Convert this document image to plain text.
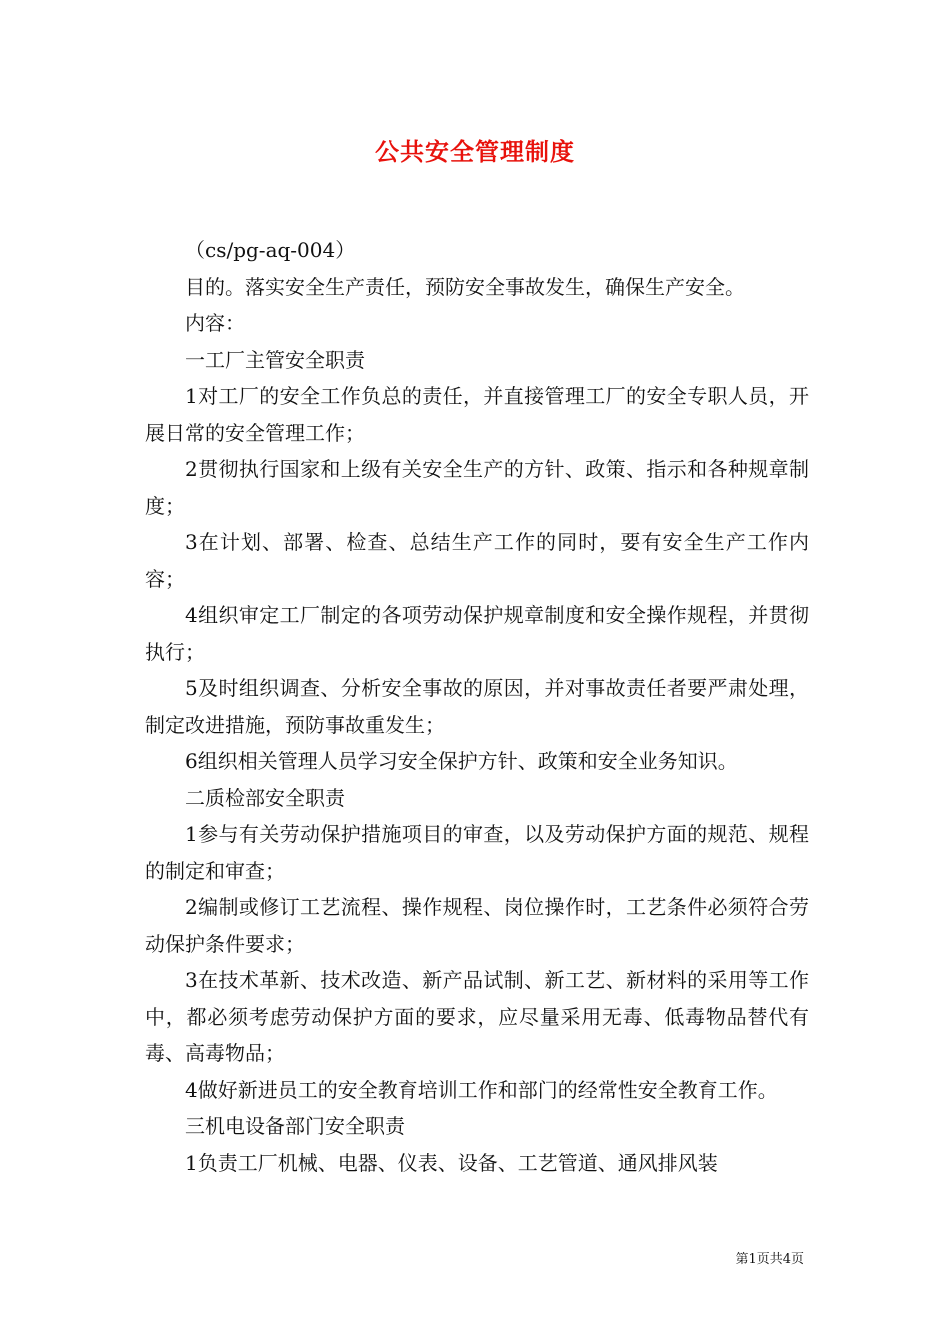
公共安全管理制度

（cs/pg-aq-004）

目的。落实安全生产责任，预防安全事故发生，确保生产安全。

内容：

一工厂主管安全职责

1对工厂的安全工作负总的责任，并直接管理工厂的安全专职人员，开展日常的安全管理工作；

2贯彻执行国家和上级有关安全生产的方针、政策、指示和各种规章制度；

3在计划、部署、检查、总结生产工作的同时，要有安全生产工作内容；

4组织审定工厂制定的各项劳动保护规章制度和安全操作规程，并贯彻执行；

5及时组织调查、分析安全事故的原因，并对事故责任者要严肃处理，制定改进措施，预防事故重发生；

6组织相关管理人员学习安全保护方针、政策和安全业务知识。

二质检部安全职责

1参与有关劳动保护措施项目的审查，以及劳动保护方面的规范、规程的制定和审查；

2编制或修订工艺流程、操作规程、岗位操作时，工艺条件必须符合劳动保护条件要求；

3在技术革新、技术改造、新产品试制、新工艺、新材料的采用等工作中，都必须考虑劳动保护方面的要求，应尽量采用无毒、低毒物品替代有毒、高毒物品；

4做好新进员工的安全教育培训工作和部门的经常性安全教育工作。

三机电设备部门安全职责

1负责工厂机械、电器、仪表、设备、工艺管道、通风排风装

第1页共4页
